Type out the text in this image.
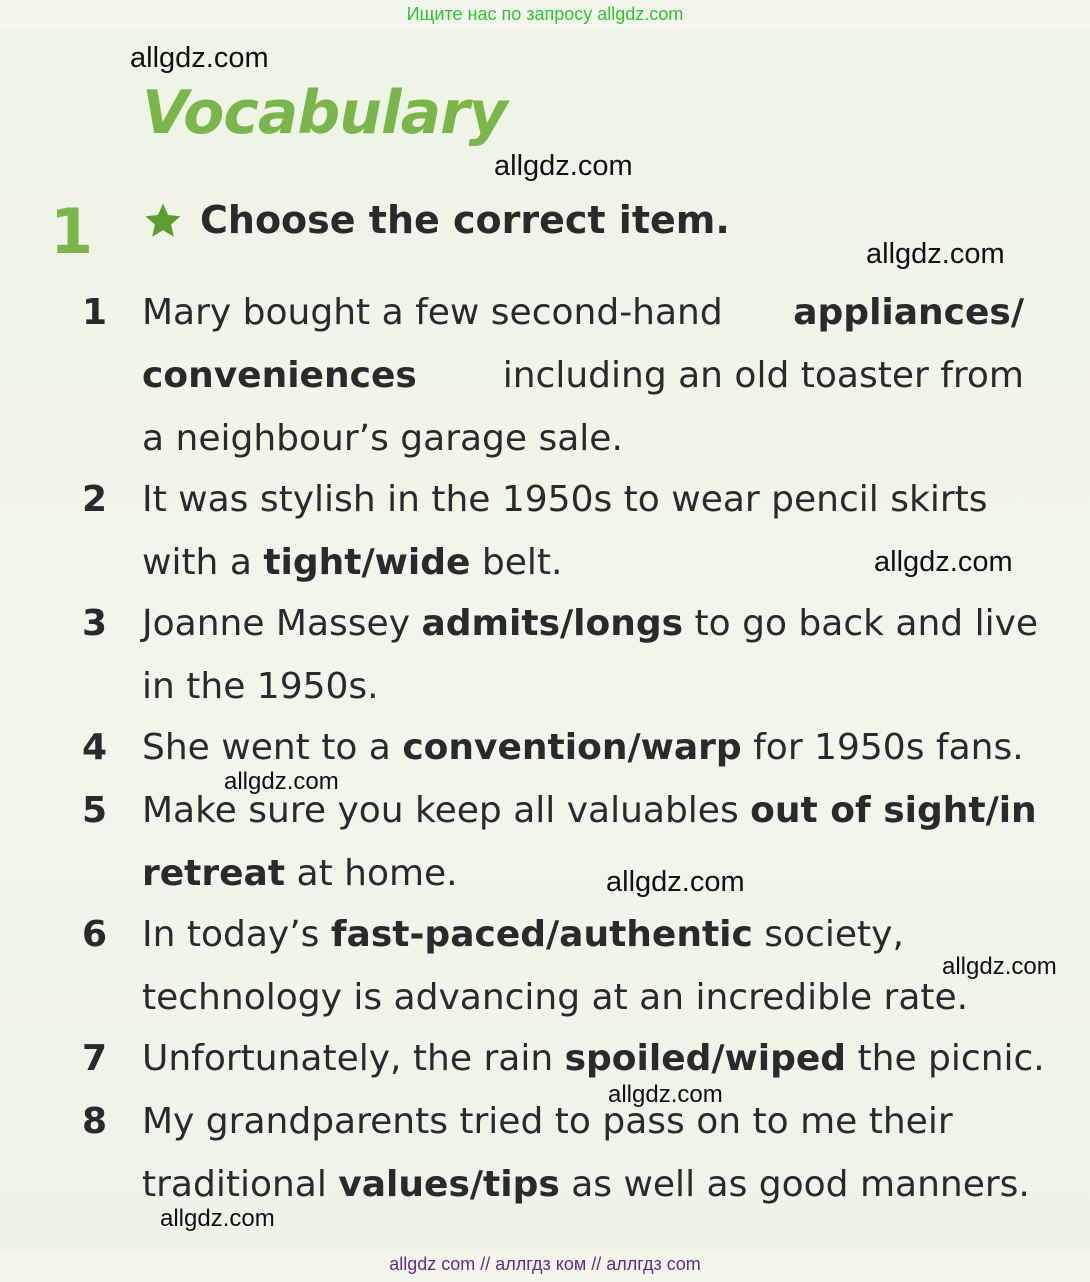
Ищите нас по запросу allgdz.com
Vocabulary
1	Choose the correct item.
1 Mary bought a few second-hand appliances/
conveniences including an old toaster from
a neighbour’s garage sale.
2 It was stylish in the 1950s to wear pencil skirts
with a tight/wide belt.
3 Joanne Massey admits/longs to go back and live
in the 1950s.
4 She went to a convention/warp for 1950s fans.
5 Make sure you keep all valuables out of sight/in
retreat at home.
6 In today’s fast-paced/authentic society,
technology is advancing at an incredible rate.
7 Unfortunately, the rain spoiled/wiped the picnic.
8 My grandparents tried to pass on to me their
traditional values/tips as well as good manners.
allgdz.com
allgdz.com
allgdz.com
allgdz.com
allgdz.com
allgdz.com
allgdz.com
allgdz.com
allgdz.com
allgdz com // аллгдз ком // аллгдз com
